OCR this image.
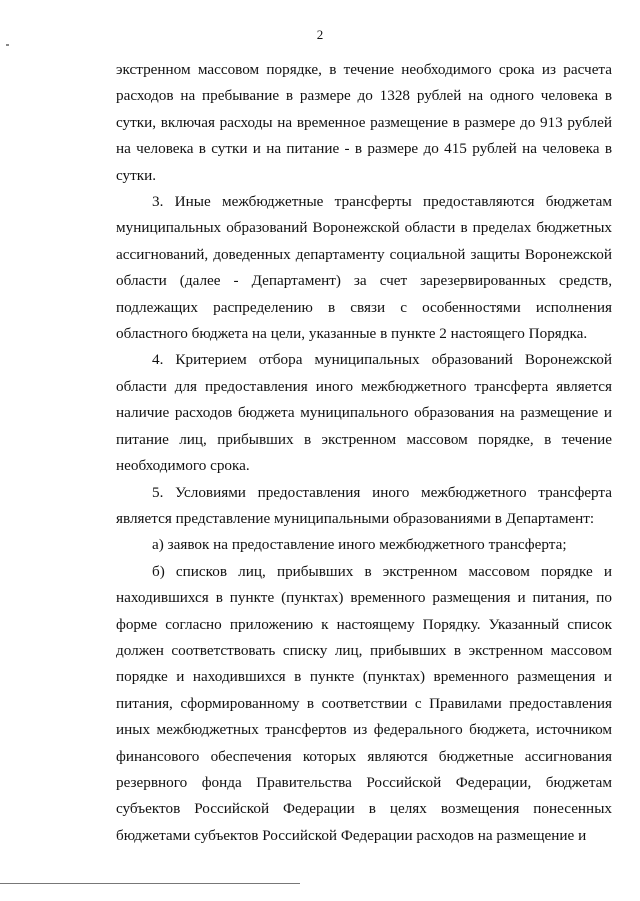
2

экстренном массовом порядке, в течение необходимого срока из расчета расходов на пребывание в размере до 1328 рублей на одного человека в сутки, включая расходы на временное размещение в размере до 913 рублей на человека в сутки и на питание - в размере до 415 рублей на человека в сутки.

3. Иные межбюджетные трансферты предоставляются бюджетам муниципальных образований Воронежской области в пределах бюджетных ассигнований, доведенных департаменту социальной защиты Воронежской области (далее - Департамент) за счет зарезервированных средств, подлежащих распределению в связи с особенностями исполнения областного бюджета на цели, указанные в пункте 2 настоящего Порядка.

4. Критерием отбора муниципальных образований Воронежской области для предоставления иного межбюджетного трансферта является наличие расходов бюджета муниципального образования на размещение и питание лиц, прибывших в экстренном массовом порядке, в течение необходимого срока.

5. Условиями предоставления иного межбюджетного трансферта является представление муниципальными образованиями в Департамент:

а) заявок на предоставление иного межбюджетного трансферта;

б) списков лиц, прибывших в экстренном массовом порядке и находившихся в пункте (пунктах) временного размещения и питания, по форме согласно приложению к настоящему Порядку. Указанный список должен соответствовать списку лиц, прибывших в экстренном массовом порядке и находившихся в пункте (пунктах) временного размещения и питания, сформированному в соответствии с Правилами предоставления иных межбюджетных трансфертов из федерального бюджета, источником финансового обеспечения которых являются бюджетные ассигнования резервного фонда Правительства Российской Федерации, бюджетам субъектов Российской Федерации в целях возмещения понесенных бюджетами субъектов Российской Федерации расходов на размещение и
